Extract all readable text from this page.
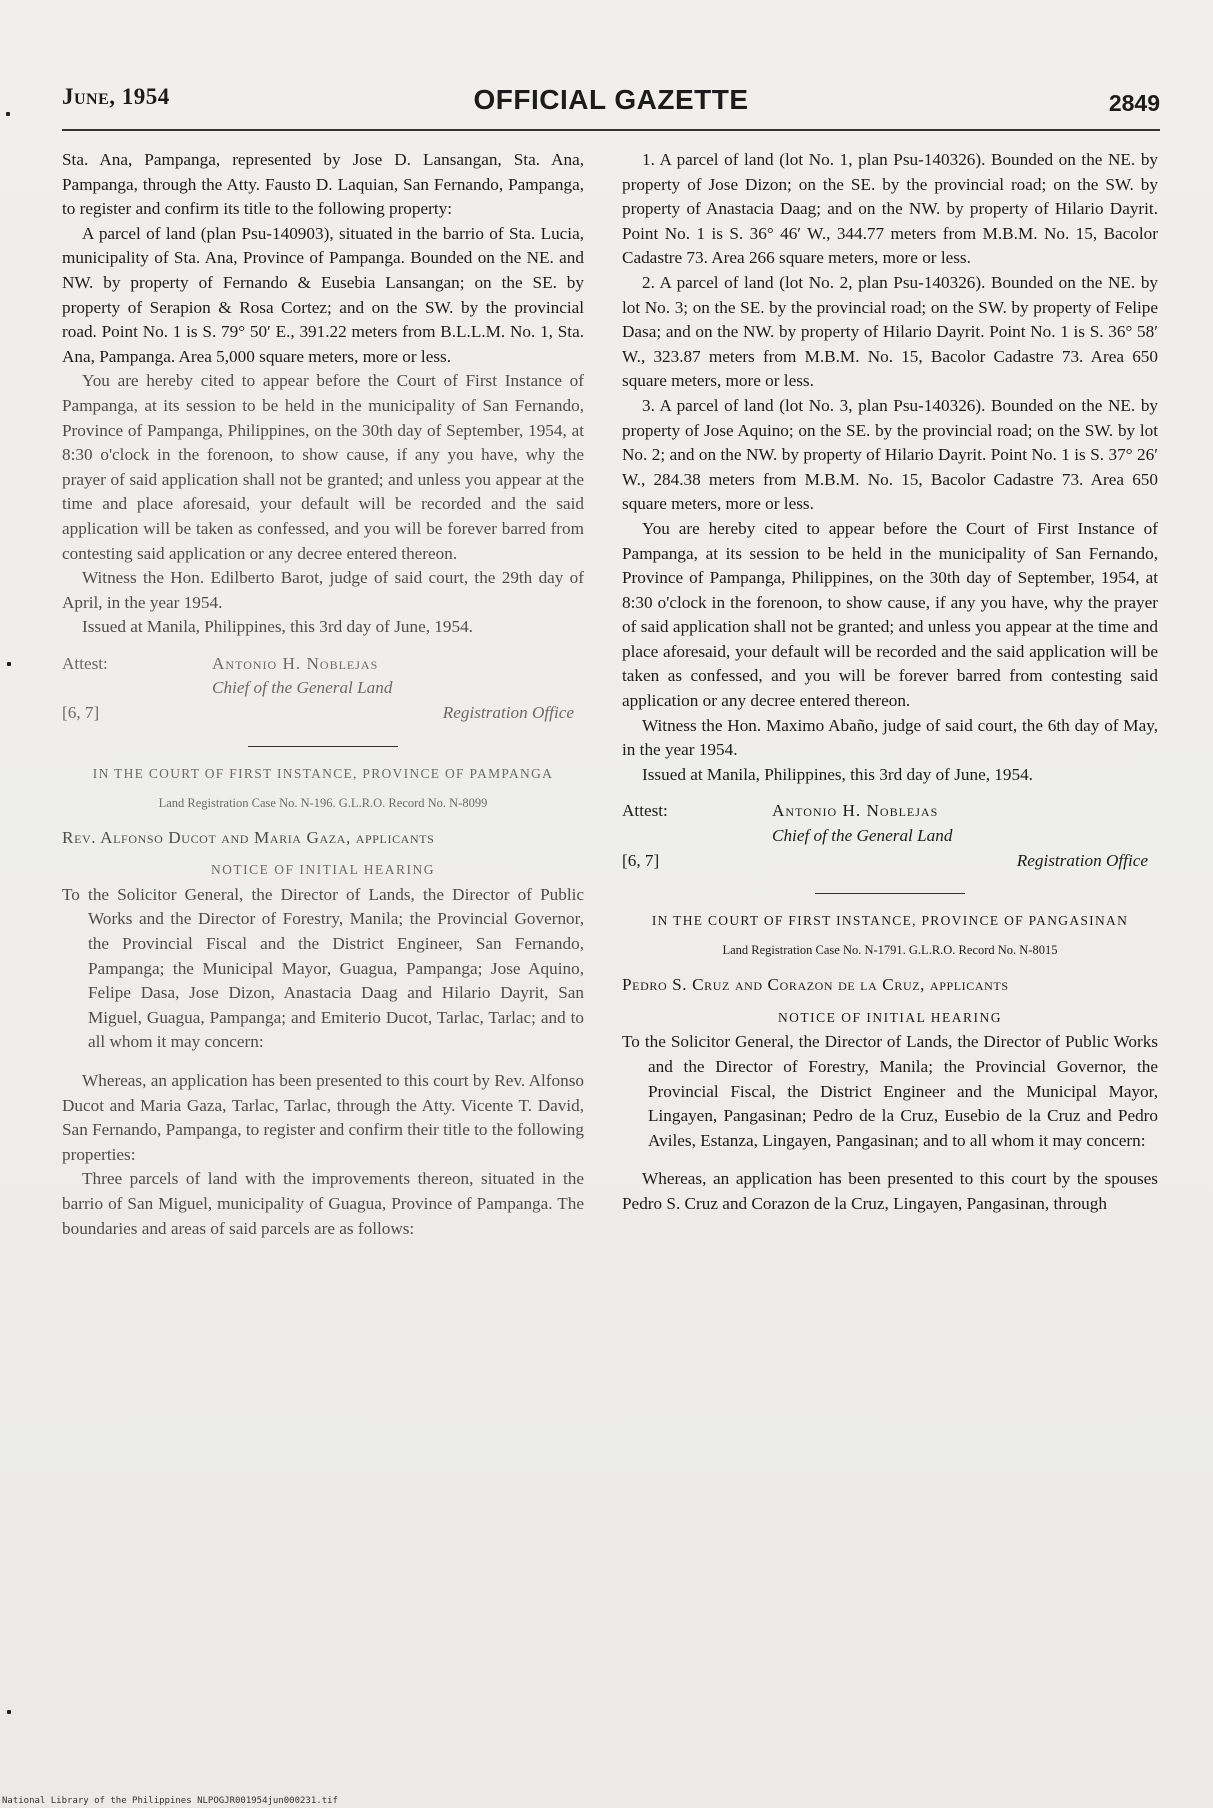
June, 1954	OFFICIAL GAZETTE	2849

Sta. Ana, Pampanga, represented by Jose D. Lansangan, Sta. Ana, Pampanga, through the Atty. Fausto D. Laquian, San Fernando, Pampanga, to register and confirm its title to the following property:

A parcel of land (plan Psu-140903), situated in the barrio of Sta. Lucia, municipality of Sta. Ana, Province of Pampanga. Bounded on the NE. and NW. by property of Fernando & Eusebia Lansangan; on the SE. by property of Serapion & Rosa Cortez; and on the SW. by the provincial road. Point No. 1 is S. 79° 50′ E., 391.22 meters from B.L.L.M. No. 1, Sta. Ana, Pampanga. Area 5,000 square meters, more or less.

You are hereby cited to appear before the Court of First Instance of Pampanga, at its session to be held in the municipality of San Fernando, Province of Pampanga, Philippines, on the 30th day of September, 1954, at 8:30 o'clock in the forenoon, to show cause, if any you have, why the prayer of said application shall not be granted; and unless you appear at the time and place aforesaid, your default will be recorded and the said application will be taken as confessed, and you will be forever barred from contesting said application or any decree entered thereon.

Witness the Hon. Edilberto Barot, judge of said court, the 29th day of April, in the year 1954.

Issued at Manila, Philippines, this 3rd day of June, 1954.

Attest:	Antonio H. Noblejas
Chief of the General Land
[6, 7]	Registration Office
IN THE COURT OF FIRST INSTANCE, PROVINCE OF PAMPANGA
Land Registration Case No. N-196. G.L.R.O. Record No. N-8099
Rev. Alfonso Ducot and Maria Gaza, applicants
NOTICE OF INITIAL HEARING

To the Solicitor General, the Director of Lands, the Director of Public Works and the Director of Forestry, Manila; the Provincial Governor, the Provincial Fiscal and the District Engineer, San Fernando, Pampanga; the Municipal Mayor, Guagua, Pampanga; Jose Aquino, Felipe Dasa, Jose Dizon, Anastacia Daag and Hilario Dayrit, San Miguel, Guagua, Pampanga; and Emiterio Ducot, Tarlac, Tarlac; and to all whom it may concern:

Whereas, an application has been presented to this court by Rev. Alfonso Ducot and Maria Gaza, Tarlac, Tarlac, through the Atty. Vicente T. David, San Fernando, Pampanga, to register and confirm their title to the following properties:

Three parcels of land with the improvements thereon, situated in the barrio of San Miguel, municipality of Guagua, Province of Pampanga. The boundaries and areas of said parcels are as follows:

1. A parcel of land (lot No. 1, plan Psu-140326). Bounded on the NE. by property of Jose Dizon; on the SE. by the provincial road; on the SW. by property of Anastacia Daag; and on the NW. by property of Hilario Dayrit. Point No. 1 is S. 36° 46′ W., 344.77 meters from M.B.M. No. 15, Bacolor Cadastre 73. Area 266 square meters, more or less.

2. A parcel of land (lot No. 2, plan Psu-140326). Bounded on the NE. by lot No. 3; on the SE. by the provincial road; on the SW. by property of Felipe Dasa; and on the NW. by property of Hilario Dayrit. Point No. 1 is S. 36° 58′ W., 323.87 meters from M.B.M. No. 15, Bacolor Cadastre 73. Area 650 square meters, more or less.

3. A parcel of land (lot No. 3, plan Psu-140326). Bounded on the NE. by property of Jose Aquino; on the SE. by the provincial road; on the SW. by lot No. 2; and on the NW. by property of Hilario Dayrit. Point No. 1 is S. 37° 26′ W., 284.38 meters from M.B.M. No. 15, Bacolor Cadastre 73. Area 650 square meters, more or less.

You are hereby cited to appear before the Court of First Instance of Pampanga, at its session to be held in the municipality of San Fernando, Province of Pampanga, Philippines, on the 30th day of September, 1954, at 8:30 o'clock in the forenoon, to show cause, if any you have, why the prayer of said application shall not be granted; and unless you appear at the time and place aforesaid, your default will be recorded and the said application will be taken as confessed, and you will be forever barred from contesting said application or any decree entered thereon.

Witness the Hon. Maximo Abaño, judge of said court, the 6th day of May, in the year 1954.

Issued at Manila, Philippines, this 3rd day of June, 1954.

Attest:	Antonio H. Noblejas
Chief of the General Land
[6, 7]	Registration Office
IN THE COURT OF FIRST INSTANCE, PROVINCE OF PANGASINAN
Land Registration Case No. N-1791. G.L.R.O. Record No. N-8015
Pedro S. Cruz and Corazon de la Cruz, applicants
NOTICE OF INITIAL HEARING

To the Solicitor General, the Director of Lands, the Director of Public Works and the Director of Forestry, Manila; the Provincial Governor, the Provincial Fiscal, the District Engineer and the Municipal Mayor, Lingayen, Pangasinan; Pedro de la Cruz, Eusebio de la Cruz and Pedro Aviles, Estanza, Lingayen, Pangasinan; and to all whom it may concern:

Whereas, an application has been presented to this court by the spouses Pedro S. Cruz and Corazon de la Cruz, Lingayen, Pangasinan, through

National Library of the Philippines NLPOGJR001954jun000231.tif
